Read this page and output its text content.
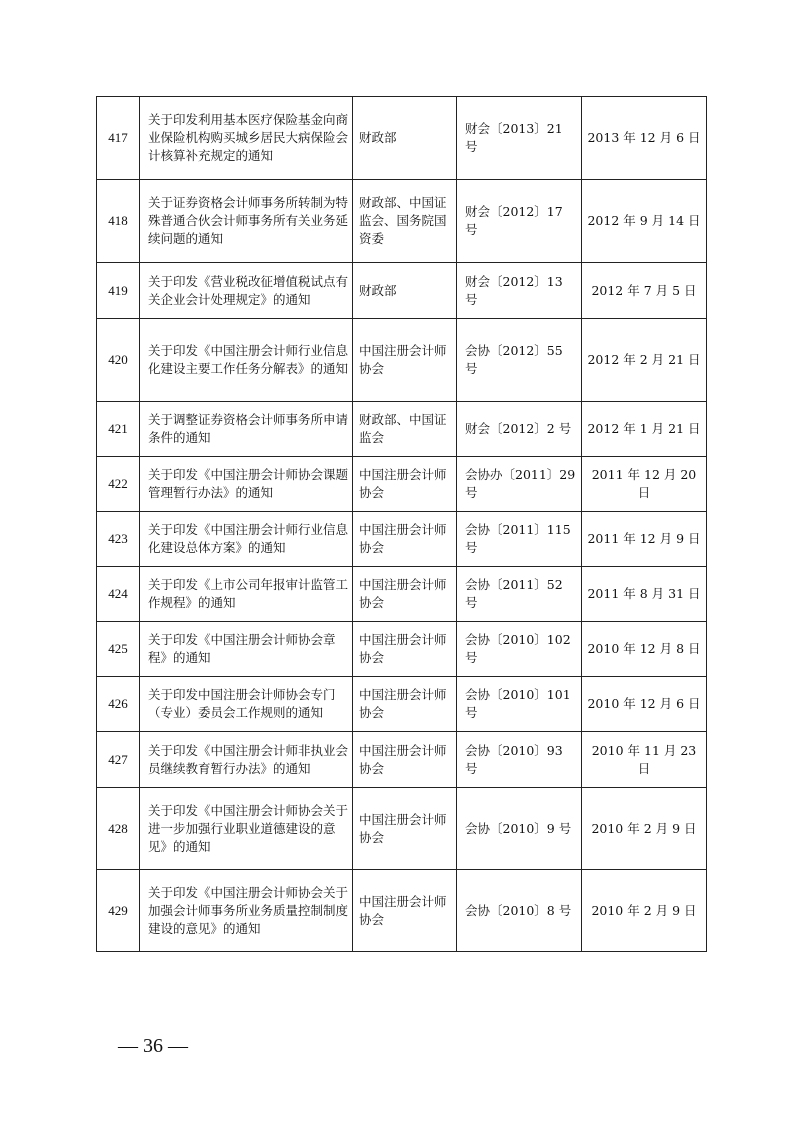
417	关于印发利用基本医疗保险基金向商业保险机构购买城乡居民大病保险会计核算补充规定的通知	财政部	财会〔2013〕21 号	2013 年 12 月 6 日
418	关于证券资格会计师事务所转制为特殊普通合伙会计师事务所有关业务延续问题的通知	财政部、中国证监会、国务院国资委	财会〔2012〕17 号	2012 年 9 月 14 日
419	关于印发《营业税改征增值税试点有关企业会计处理规定》的通知	财政部	财会〔2012〕13 号	2012 年 7 月 5 日
420	关于印发《中国注册会计师行业信息化建设主要工作任务分解表》的通知	中国注册会计师协会	会协〔2012〕55 号	2012 年 2 月 21 日
421	关于调整证券资格会计师事务所申请条件的通知	财政部、中国证监会	财会〔2012〕2 号	2012 年 1 月 21 日
422	关于印发《中国注册会计师协会课题管理暂行办法》的通知	中国注册会计师协会	会协办〔2011〕29 号	2011 年 12 月 20 日
423	关于印发《中国注册会计师行业信息化建设总体方案》的通知	中国注册会计师协会	会协〔2011〕115 号	2011 年 12 月 9 日
424	关于印发《上市公司年报审计监管工作规程》的通知	中国注册会计师协会	会协〔2011〕52 号	2011 年 8 月 31 日
425	关于印发《中国注册会计师协会章程》的通知	中国注册会计师协会	会协〔2010〕102 号	2010 年 12 月 8 日
426	关于印发中国注册会计师协会专门（专业）委员会工作规则的通知	中国注册会计师协会	会协〔2010〕101 号	2010 年 12 月 6 日
427	关于印发《中国注册会计师非执业会员继续教育暂行办法》的通知	中国注册会计师协会	会协〔2010〕93 号	2010 年 11 月 23 日
428	关于印发《中国注册会计师协会关于进一步加强行业职业道德建设的意见》的通知	中国注册会计师协会	会协〔2010〕9 号	2010 年 2 月 9 日
429	关于印发《中国注册会计师协会关于加强会计师事务所业务质量控制制度建设的意见》的通知	中国注册会计师协会	会协〔2010〕8 号	2010 年 2 月 9 日
— 36 —
